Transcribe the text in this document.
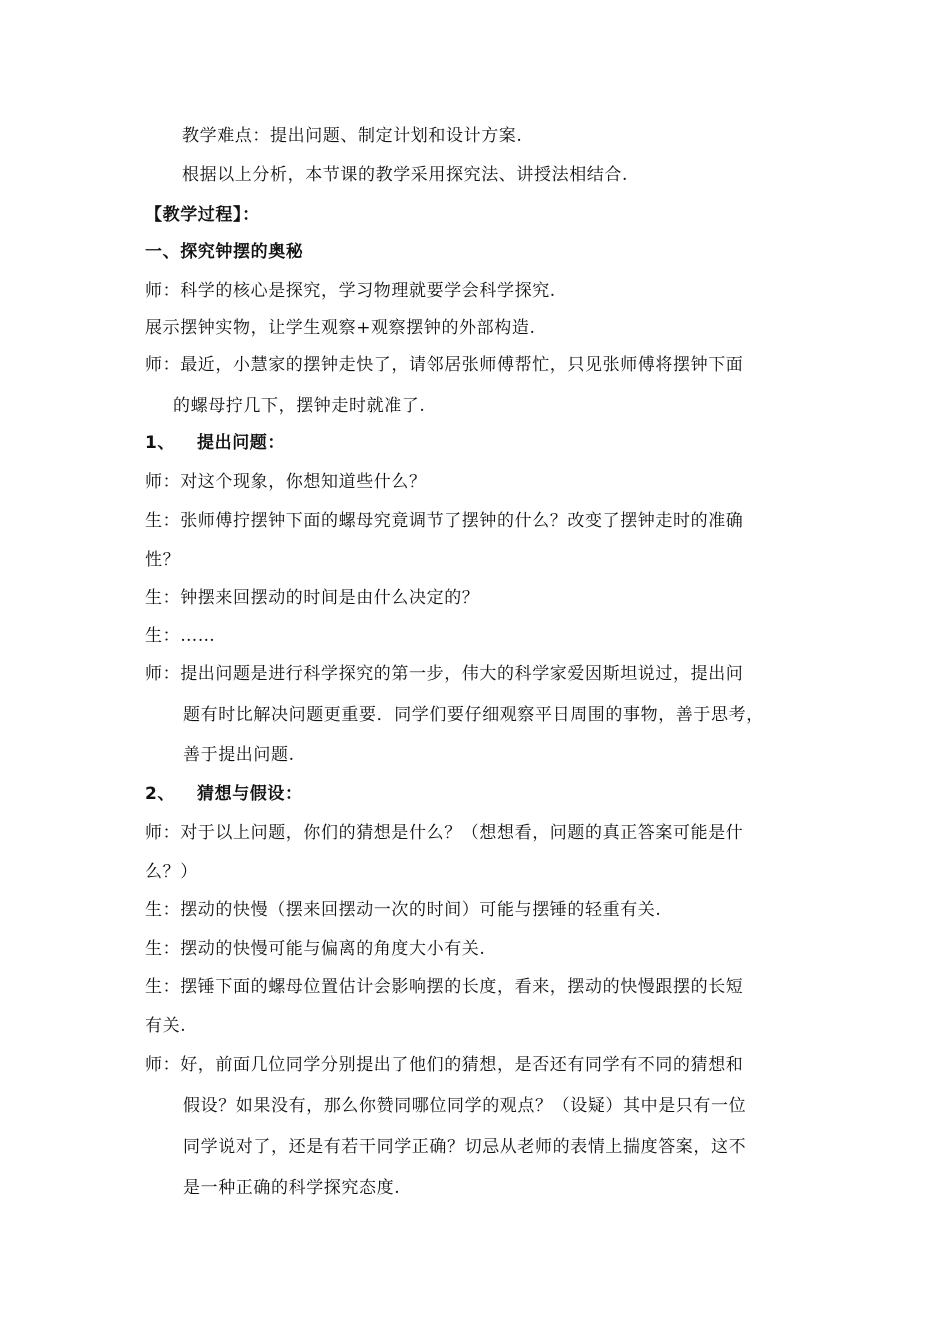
教学难点：提出问题、制定计划和设计方案.
根据以上分析，本节课的教学采用探究法、讲授法相结合.
【教学过程】：
一、探究钟摆的奥秘
师：科学的核心是探究，学习物理就要学会科学探究.
展示摆钟实物，让学生观察+观察摆钟的外部构造.
师：最近，小慧家的摆钟走快了，请邻居张师傅帮忙，只见张师傅将摆钟下面
的螺母拧几下，摆钟走时就准了.
1、 提出问题：
师：对这个现象，你想知道些什么？
生：张师傅拧摆钟下面的螺母究竟调节了摆钟的什么？改变了摆钟走时的准确
性？
生：钟摆来回摆动的时间是由什么决定的？
生：……
师：提出问题是进行科学探究的第一步，伟大的科学家爱因斯坦说过，提出问
题有时比解决问题更重要．同学们要仔细观察平日周围的事物，善于思考，
善于提出问题.
2、 猜想与假设：
师：对于以上问题，你们的猜想是什么？（想想看，问题的真正答案可能是什
么？）
生：摆动的快慢（摆来回摆动一次的时间）可能与摆锤的轻重有关.
生：摆动的快慢可能与偏离的角度大小有关.
生：摆锤下面的螺母位置估计会影响摆的长度，看来，摆动的快慢跟摆的长短
有关.
师：好，前面几位同学分别提出了他们的猜想，是否还有同学有不同的猜想和
假设？如果没有，那么你赞同哪位同学的观点？（设疑）其中是只有一位
同学说对了，还是有若干同学正确？切忌从老师的表情上揣度答案，这不
是一种正确的科学探究态度.
